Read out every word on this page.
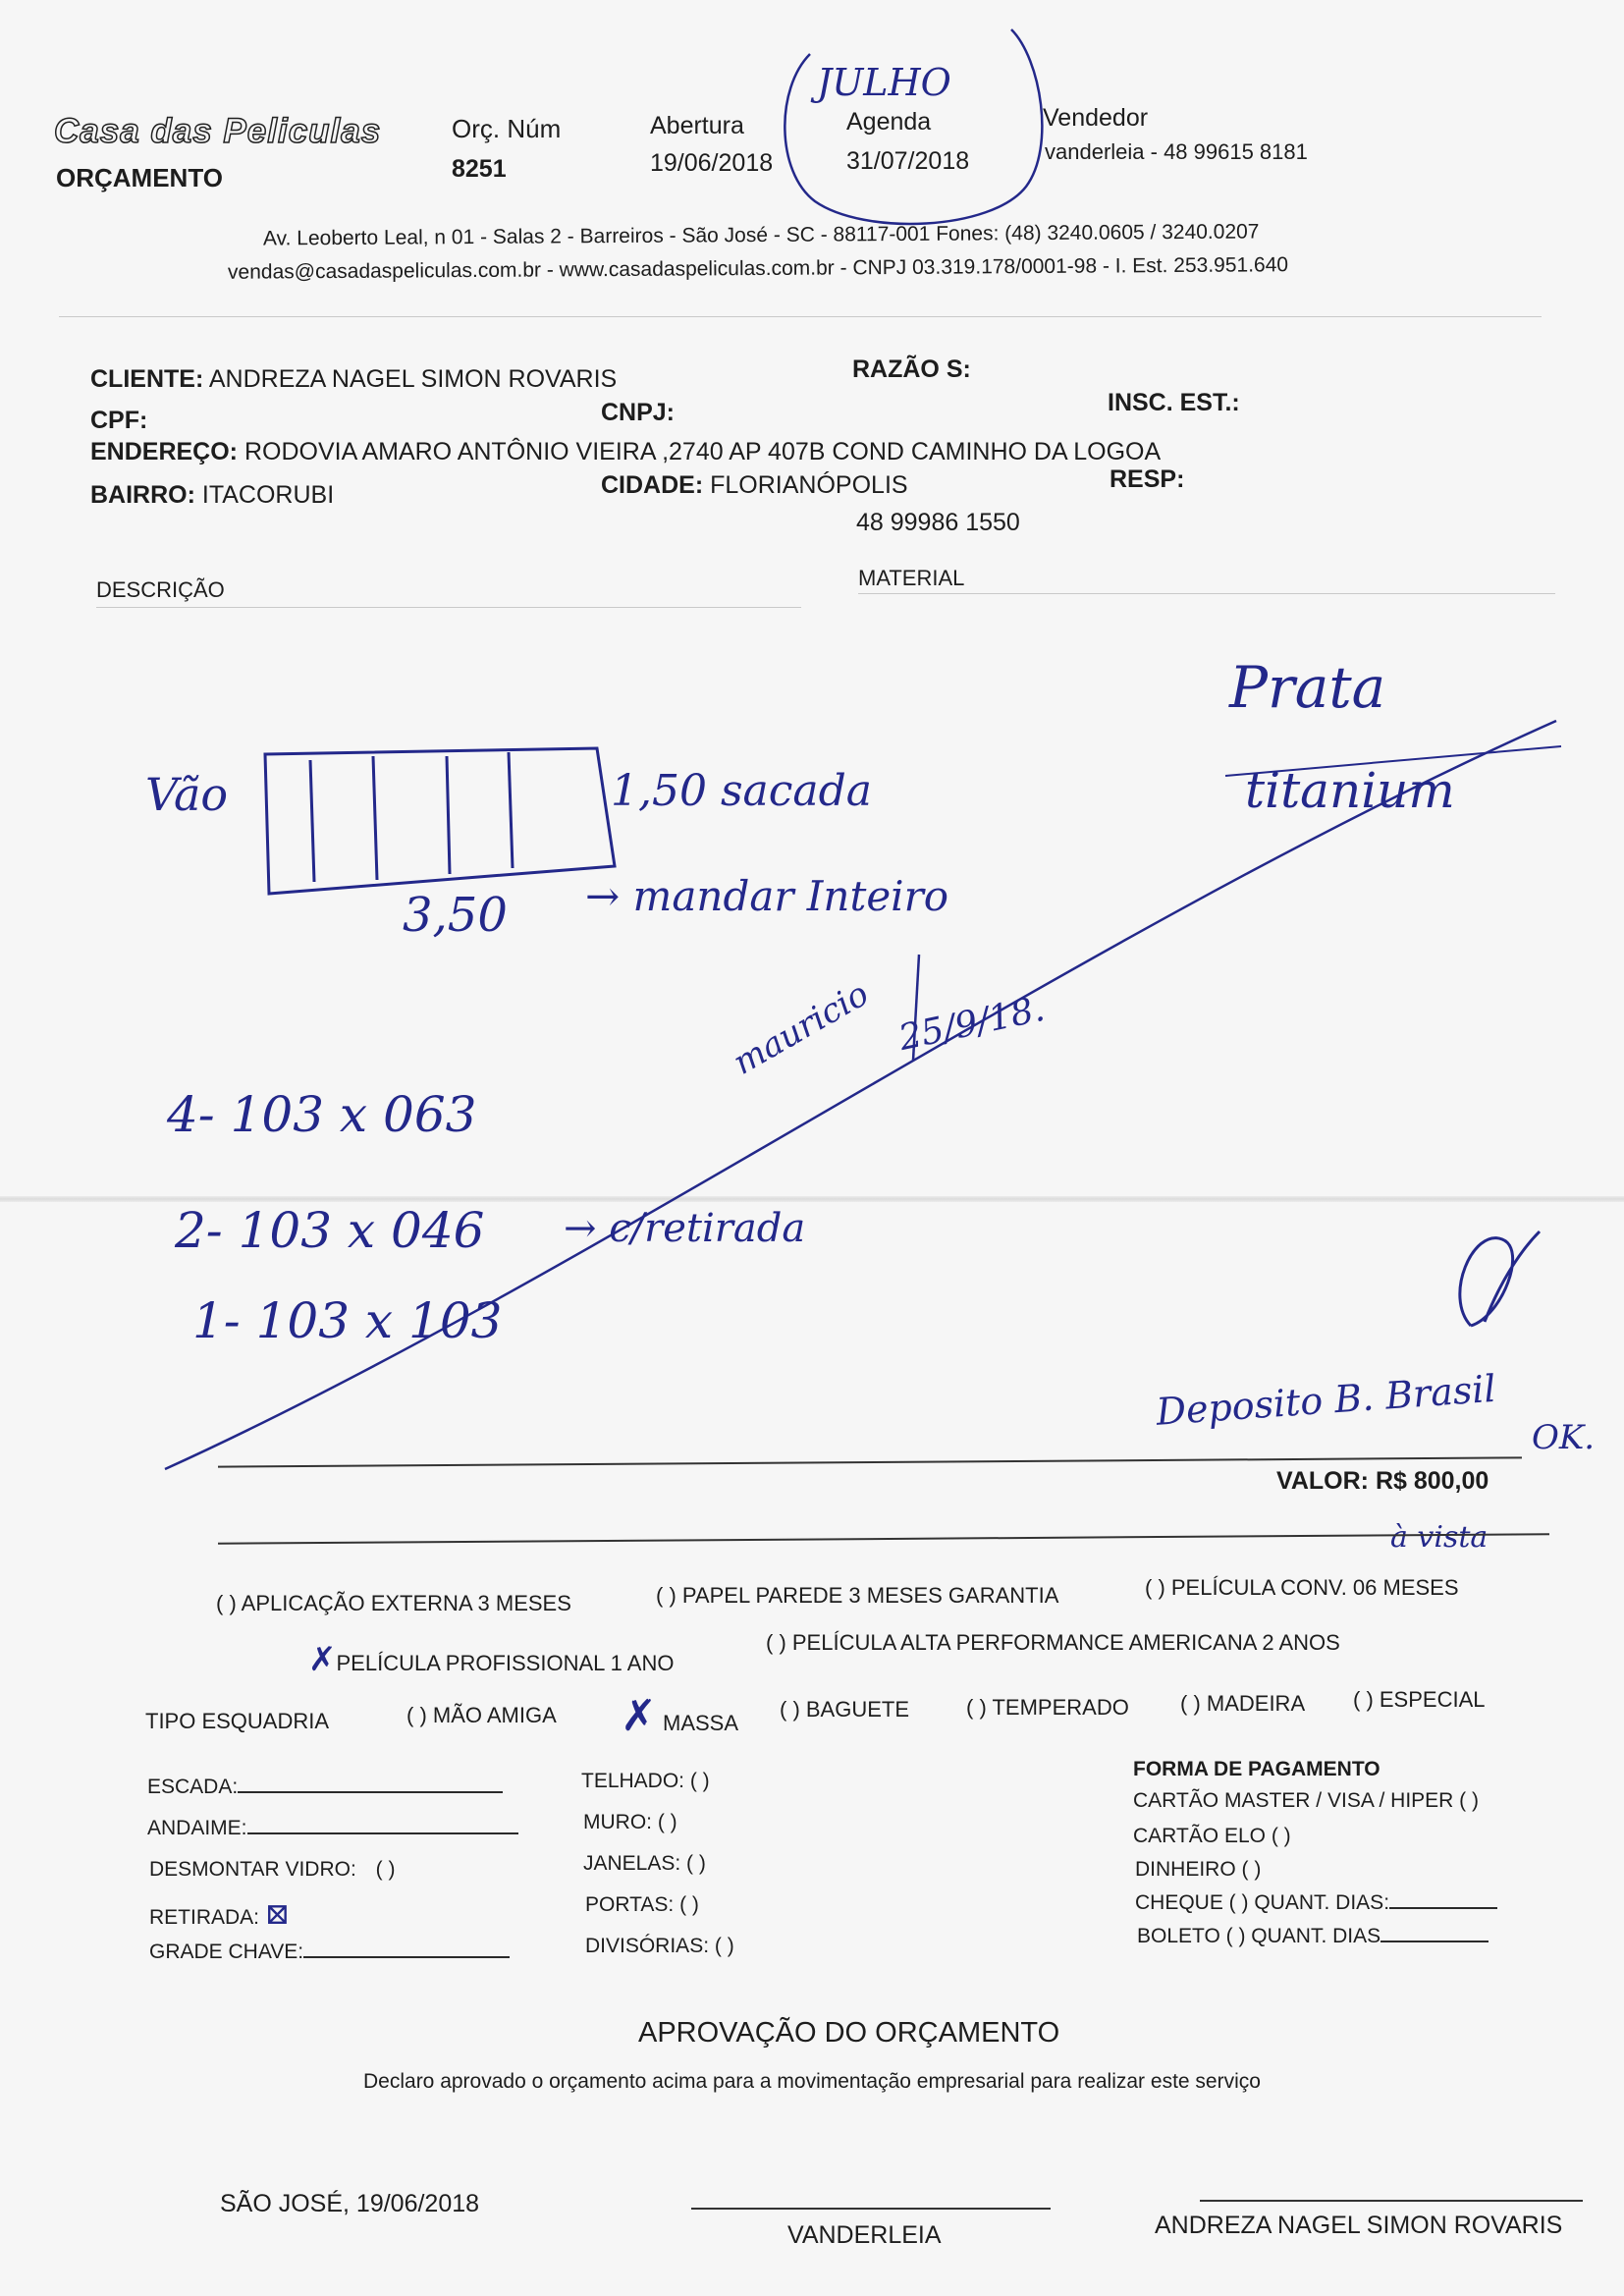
Casa das Peliculas
ORÇAMENTO
Orç. Núm
8251
Abertura
19/06/2018
JULHO
Agenda
31/07/2018
Vendedor
vanderleia - 48 99615 8181
Av. Leoberto Leal, n 01 - Salas 2 - Barreiros - São José - SC - 88117-001 Fones: (48) 3240.0605 / 3240.0207
vendas@casadaspeliculas.com.br - www.casadaspeliculas.com.br - CNPJ 03.319.178/0001-98 - I. Est. 253.951.640
CLIENTE: ANDREZA NAGEL SIMON ROVARIS	RAZÃO S:
CPF:	CNPJ:	INSC. EST.:
ENDEREÇO: RODOVIA AMARO ANTÔNIO VIEIRA ,2740 AP 407B COND CAMINHO DA LOGOA
BAIRRO: ITACORUBI	CIDADE: FLORIANÓPOLIS	RESP:
48 99986 1550
DESCRIÇÃO	MATERIAL
Vão	1,50 sacada
3,50 → mandar Inteiro
Prata
titanium
mauricio 25/9/18.
4- 103 x 063
2- 103 x 046
1- 103 x 103
→ c/retirada
Deposito B. Brasil
OK.
à vista
VALOR: R$ 800,00
( ) APLICAÇÃO EXTERNA 3 MESES	( ) PAPEL PAREDE 3 MESES GARANTIA	( ) PELÍCULA CONV. 06 MESES
✗PELÍCULA PROFISSIONAL 1 ANO
( ) PELÍCULA ALTA PERFORMANCE AMERICANA 2 ANOS
TIPO ESQUADRIA	( ) MÃO AMIGA ✗ MASSA
( ) BAGUETE	( ) TEMPERADO ( ) MADEIRA ( ) ESPECIAL
ESCADA:
ANDAIME:
DESMONTAR VIDRO: ( )
RETIRADA: ⊠
GRADE CHAVE:
TELHADO: ( )
MURO: ( )
JANELAS: ( )
PORTAS: ( )
DIVISÓRIAS: ( )
FORMA DE PAGAMENTO
CARTÃO MASTER / VISA / HIPER ( )
CARTÃO ELO ( )
DINHEIRO ( )
CHEQUE ( ) QUANT. DIAS:
BOLETO ( ) QUANT. DIAS
APROVAÇÃO DO ORÇAMENTO
Declaro aprovado o orçamento acima para a movimentação empresarial para realizar este serviço
SÃO JOSÉ, 19/06/2018
VANDERLEIA	ANDREZA NAGEL SIMON ROVARIS
